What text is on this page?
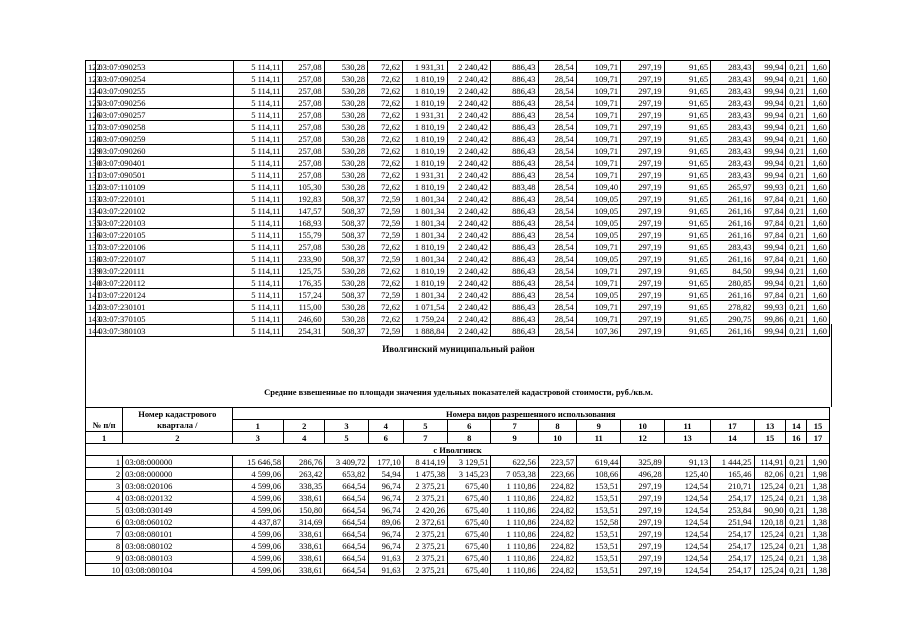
122	03:07:090253	5 114,11	257,08	530,28	72,62	1 931,31	2 240,42	886,43	28,54	109,71	297,19	91,65	283,43	99,94	0,21	1,60
123	03:07:090254	5 114,11	257,08	530,28	72,62	1 810,19	2 240,42	886,43	28,54	109,71	297,19	91,65	283,43	99,94	0,21	1,60
124	03:07:090255	5 114,11	257,08	530,28	72,62	1 810,19	2 240,42	886,43	28,54	109,71	297,19	91,65	283,43	99,94	0,21	1,60
125	03:07:090256	5 114,11	257,08	530,28	72,62	1 810,19	2 240,42	886,43	28,54	109,71	297,19	91,65	283,43	99,94	0,21	1,60
126	03:07:090257	5 114,11	257,08	530,28	72,62	1 931,31	2 240,42	886,43	28,54	109,71	297,19	91,65	283,43	99,94	0,21	1,60
127	03:07:090258	5 114,11	257,08	530,28	72,62	1 810,19	2 240,42	886,43	28,54	109,71	297,19	91,65	283,43	99,94	0,21	1,60
128	03:07:090259	5 114,11	257,08	530,28	72,62	1 810,19	2 240,42	886,43	28,54	109,71	297,19	91,65	283,43	99,94	0,21	1,60
129	03:07:090260	5 114,11	257,08	530,28	72,62	1 810,19	2 240,42	886,43	28,54	109,71	297,19	91,65	283,43	99,94	0,21	1,60
130	03:07:090401	5 114,11	257,08	530,28	72,62	1 810,19	2 240,42	886,43	28,54	109,71	297,19	91,65	283,43	99,94	0,21	1,60
131	03:07:090501	5 114,11	257,08	530,28	72,62	1 931,31	2 240,42	886,43	28,54	109,71	297,19	91,65	283,43	99,94	0,21	1,60
132	03:07:110109	5 114,11	105,30	530,28	72,62	1 810,19	2 240,42	883,48	28,54	109,40	297,19	91,65	265,97	99,93	0,21	1,60
133	03:07:220101	5 114,11	192,83	508,37	72,59	1 801,34	2 240,42	886,43	28,54	109,05	297,19	91,65	261,16	97,84	0,21	1,60
134	03:07:220102	5 114,11	147,57	508,37	72,59	1 801,34	2 240,42	886,43	28,54	109,05	297,19	91,65	261,16	97,84	0,21	1,60
135	03:07:220103	5 114,11	168,93	508,37	72,59	1 801,34	2 240,42	886,43	28,54	109,05	297,19	91,65	261,16	97,84	0,21	1,60
136	03:07:220105	5 114,11	155,79	508,37	72,59	1 801,34	2 240,42	886,43	28,54	109,05	297,19	91,65	261,16	97,84	0,21	1,60
137	03:07:220106	5 114,11	257,08	530,28	72,62	1 810,19	2 240,42	886,43	28,54	109,71	297,19	91,65	283,43	99,94	0,21	1,60
138	03:07:220107	5 114,11	233,90	508,37	72,59	1 801,34	2 240,42	886,43	28,54	109,05	297,19	91,65	261,16	97,84	0,21	1,60
139	03:07:220111	5 114,11	125,75	530,28	72,62	1 810,19	2 240,42	886,43	28,54	109,71	297,19	91,65	84,50	99,94	0,21	1,60
140	03:07:220112	5 114,11	176,35	530,28	72,62	1 810,19	2 240,42	886,43	28,54	109,71	297,19	91,65	280,85	99,94	0,21	1,60
141	03:07:220124	5 114,11	157,24	508,37	72,59	1 801,34	2 240,42	886,43	28,54	109,05	297,19	91,65	261,16	97,84	0,21	1,60
142	03:07:230101	5 114,11	115,00	530,28	72,62	1 071,54	2 240,42	886,43	28,54	109,71	297,19	91,65	278,82	99,93	0,21	1,60
143	03:07:370105	5 114,11	246,60	530,28	72,62	1 759,24	2 240,42	886,43	28,54	109,71	297,19	91,65	290,75	99,86	0,21	1,60
144	03:07:380103	5 114,11	254,31	508,37	72,59	1 888,84	2 240,42	886,43	28,54	107,36	297,19	91,65	261,16	99,94	0,21	1,60
Иволгинский муниципальный район
Средние взвешенные по площади значения удельных показателей кадастровой стоимости, руб./кв.м.
	Номер кадастрового	Номера видов разрешенного использования														
№ п/п	квартала /	1	2	3	4	5	6	7	8	9	10	11	17	13	14	15
1	2	3	4	5	6	7	8	9	10	11	12	13	14	15	16	17
с Иволгинск																
1	03:08:000000	15 646,58	286,76	3 409,72	177,10	8 414,19	3 129,51	622,56	223,57	619,44	325,89	91,13	1 444,25	114,91	0,21	1,90
2	03:08:000000	4 599,06	263,42	653,82	54,94	1 475,38	3 145,23	7 053,38	223,66	108,66	496,28	125,40	165,46	82,06	0,21	1,98
3	03:08:020106	4 599,06	338,35	664,54	96,74	2 375,21	675,40	1 110,86	224,82	153,51	297,19	124,54	210,71	125,24	0,21	1,38
4	03:08:020132	4 599,06	338,61	664,54	96,74	2 375,21	675,40	1 110,86	224,82	153,51	297,19	124,54	254,17	125,24	0,21	1,38
5	03:08:030149	4 599,06	150,80	664,54	96,74	2 420,26	675,40	1 110,86	224,82	153,51	297,19	124,54	253,84	90,90	0,21	1,38
6	03:08:060102	4 437,87	314,69	664,54	89,06	2 372,61	675,40	1 110,86	224,82	152,58	297,19	124,54	251,94	120,18	0,21	1,38
7	03:08:080101	4 599,06	338,61	664,54	96,74	2 375,21	675,40	1 110,86	224,82	153,51	297,19	124,54	254,17	125,24	0,21	1,38
8	03:08:080102	4 599,06	338,61	664,54	96,74	2 375,21	675,40	1 110,86	224,82	153,51	297,19	124,54	254,17	125,24	0,21	1,38
9	03:08:080103	4 599,06	338,61	664,54	91,63	2 375,21	675,40	1 110,86	224,82	153,51	297,19	124,54	254,17	125,24	0,21	1,38
10	03:08:080104	4 599,06	338,61	664,54	91,63	2 375,21	675,40	1 110,86	224,82	153,51	297,19	124,54	254,17	125,24	0,21	1,38
